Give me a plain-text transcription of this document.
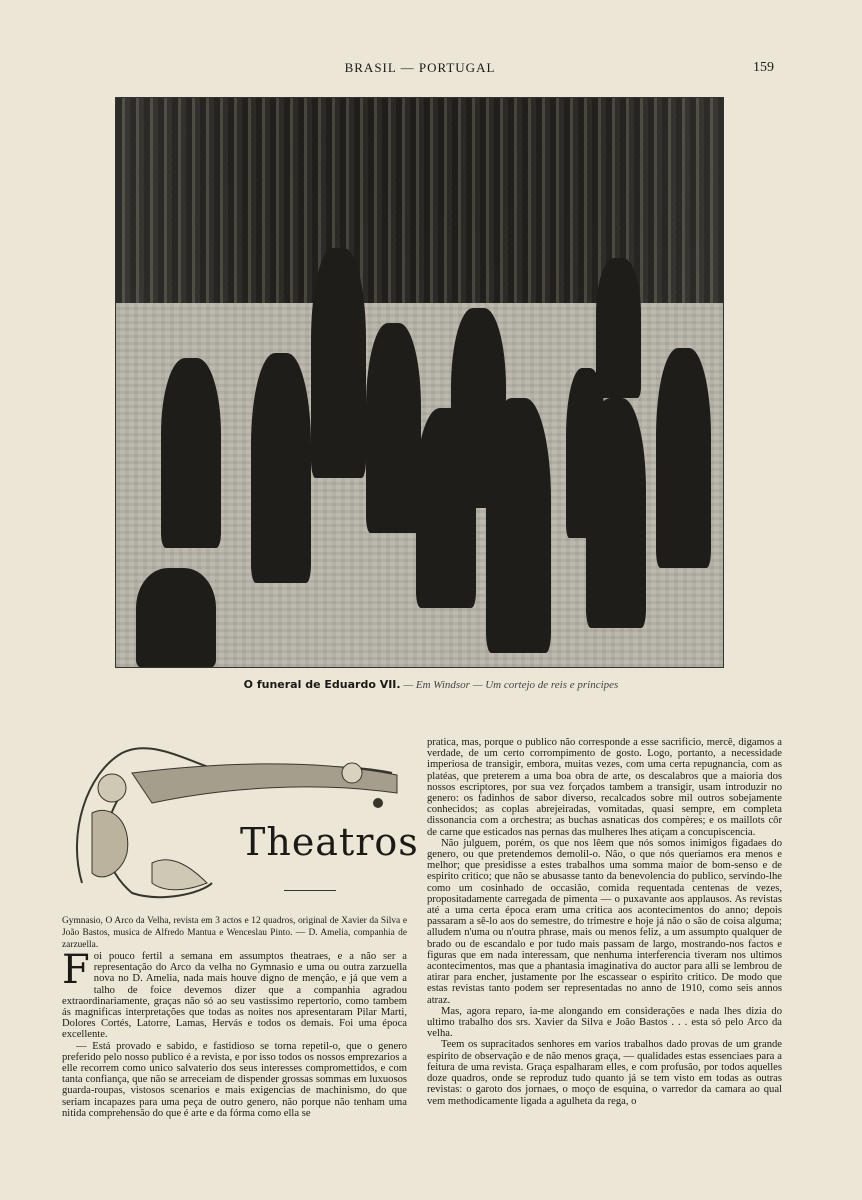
BRASIL — PORTUGAL	159
O funeral de Eduardo VII. — Em Windsor — Um cortejo de reis e principes
Theatros

Gymnasio, O Arco da Velha, revista em 3 actos e 12 quadros, original de Xavier da Silva e João Bastos, musica de Alfredo Mantua e Wenceslau Pinto. — D. Amelia, companhia de zarzuella.

Foi pouco fertil a semana em assumptos theatraes, e a não ser a representação do Arco da velha no Gymnasio e uma ou outra zarzuella nova no D. Amelia, nada mais houve digno de menção, e já que vem a talho de foice devemos dizer que a companhia agradou extraordinariamente, graças não só ao seu vastissimo repertorio, como tambem ás magnificas interpretações que todas as noites nos apresentaram Pilar Marti, Dolores Cortés, Latorre, Lamas, Hervás e todos os demais. Foi uma época excellente.

— Está provado e sabido, e fastidioso se torna repetil-o, que o genero preferido pelo nosso publico é a revista, e por isso todos os nossos emprezarios a elle recorrem como unico salvaterio dos seus interesses compromettidos, e com tanta confiança, que não se arreceiam de dispender grossas sommas em luxuosos guarda-roupas, vistosos scenarios e mais exigencias de machinismo, do que seriam incapazes para uma peça de outro genero, não porque não tenham uma nitida comprehensão do que é arte e da fórma como ella se

pratica, mas, porque o publico não corresponde a esse sacrificio, mercê, digamos a verdade, de um certo corrompimento de gosto. Logo, portanto, a necessidade imperiosa de transigir, embora, muitas vezes, com uma certa repugnancia, com as platéas, que preterem a uma boa obra de arte, os descalabros que a maioria dos nossos escriptores, por sua vez forçados tambem a transigir, usam introduzir no genero: os fadinhos de sabor diverso, recalcados sobre mil outros sobejamente conhecidos; as coplas abrejeiradas, vomitadas, quasi sempre, em completa dissonancia com a orchestra; as buchas asnaticas dos compères; e os maillots côr de carne que esticados nas pernas das mulheres lhes atiçam a concupiscencia.

Não julguem, porém, os que nos lêem que nós somos inimigos figadaes do genero, ou que pretendemos demolil-o. Não, o que nós queriamos era menos e melhor; que presidisse a estes trabalhos uma somma maior de bom-senso e de espirito critico; que não se abusasse tanto da benevolencia do publico, servindo-lhe como um cosinhado de occasião, comida requentada centenas de vezes, propositadamente carregada de pimenta — o puxavante aos applausos. As revistas até a uma certa época eram uma critica aos acontecimentos do anno; depois passaram a sê-lo aos do semestre, do trimestre e hoje já não o são de coisa alguma; alludem n'uma ou n'outra phrase, mais ou menos feliz, a um assumpto qualquer de brado ou de escandalo e por tudo mais passam de largo, mostrando-nos factos e figuras que em nada interessam, que nenhuma interferencia tiveram nos ultimos acontecimentos, mas que a phantasia imaginativa do auctor para alli se lembrou de atirar para encher, justamente por lhe escassear o espirito critico. De modo que estas revistas tanto podem ser representadas no anno de 1910, como seis annos atraz.

Mas, agora reparo, ia-me alongando em considerações e nada lhes dizia do ultimo trabalho dos srs. Xavier da Silva e João Bastos . . . esta só pelo Arco da velha.

Teem os supracitados senhores em varios trabalhos dado provas de um grande espirito de observação e de não menos graça, — qualidades estas essenciaes para a feitura de uma revista. Graça espalharam elles, e com profusão, por todos aquelles doze quadros, onde se reproduz tudo quanto já se tem visto em todas as outras revistas: o garoto dos jornaes, o moço de esquina, o varredor da camara ao qual vem methodicamente ligada a agulheta da rega, o
